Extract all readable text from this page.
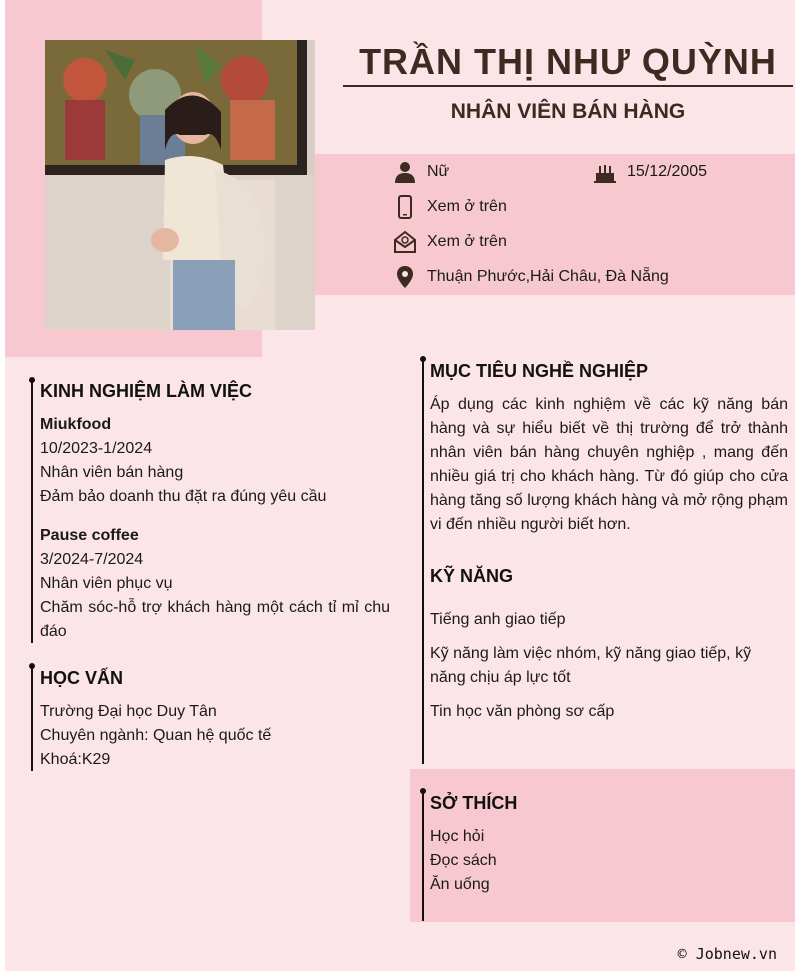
TRẦN THỊ NHƯ QUỲNH
NHÂN VIÊN BÁN HÀNG
Nữ	15/12/2005
Xem ở trên
Xem ở trên
Thuận Phước,Hải Châu, Đà Nẵng
KINH NGHIỆM LÀM VIỆC
Miukfood
10/2023-1/2024
Nhân viên bán hàng
Đảm bảo doanh thu đặt ra đúng yêu cầu
Pause coffee
3/2024-7/2024
Nhân viên phục vụ
Chăm sóc-hỗ trợ khách hàng một cách tỉ mỉ chu đáo
HỌC VẤN
Trường Đại học Duy Tân
Chuyên ngành: Quan hệ quốc tế
Khoá:K29
MỤC TIÊU NGHỀ NGHIỆP
Áp dụng các kinh nghiệm về các kỹ năng bán hàng và sự hiểu biết về thị trường để trở thành nhân viên bán hàng chuyên nghiệp , mang đến nhiều giá trị cho khách hàng. Từ đó giúp cho cửa hàng tăng số lượng khách hàng và mở rộng phạm vi đến nhiều người biết hơn.
KỸ NĂNG
Tiếng anh giao tiếp
Kỹ năng làm việc nhóm, kỹ năng giao tiếp, kỹ năng chịu áp lực tốt
Tin học văn phòng sơ cấp
SỞ THÍCH
Học hỏi
Đọc sách
Ăn uống
© Jobnew.vn
